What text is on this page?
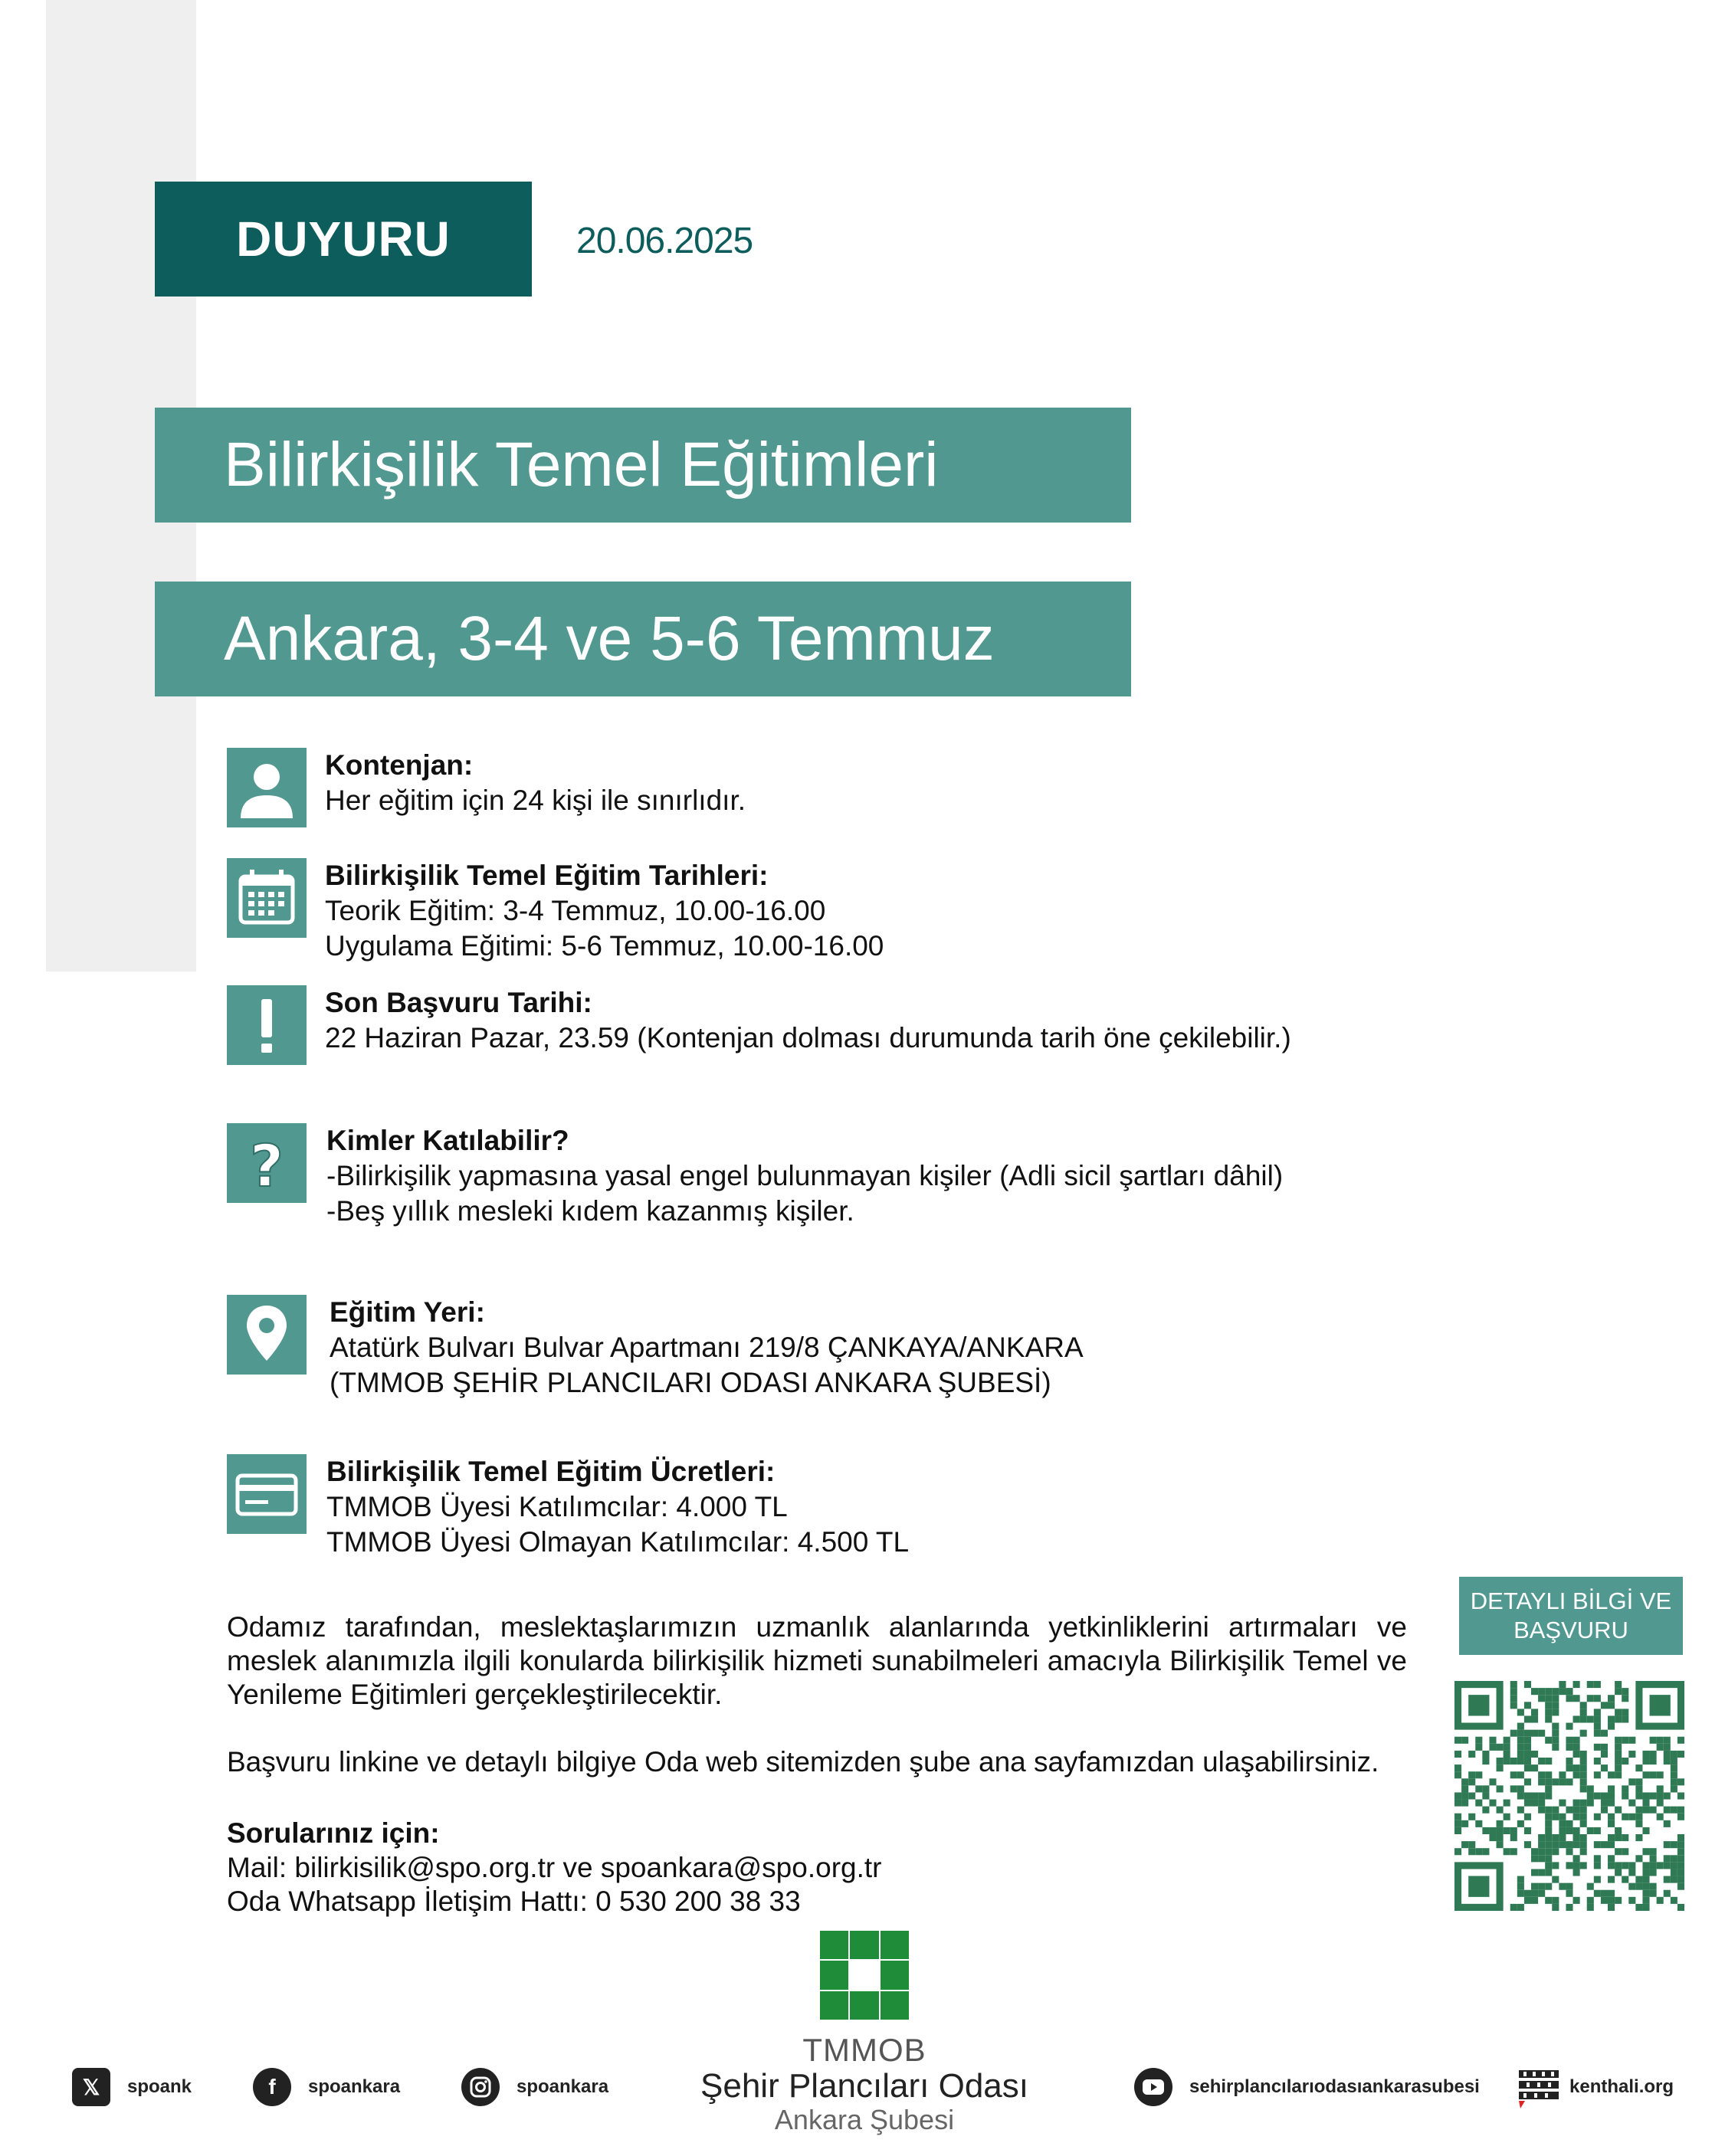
DUYURU	20.06.2025
Bilirkişilik Temel Eğitimleri
Ankara, 3-4 ve 5-6 Temmuz
Kontenjan:
Her eğitim için 24 kişi ile sınırlıdır.
Bilirkişilik Temel Eğitim Tarihleri:
Teorik Eğitim: 3-4 Temmuz, 10.00-16.00
Uygulama Eğitimi: 5-6 Temmuz, 10.00-16.00
Son Başvuru Tarihi:
22 Haziran Pazar, 23.59 (Kontenjan dolması durumunda tarih öne çekilebilir.)
? Kimler Katılabilir?
-Bilirkişilik yapmasına yasal engel bulunmayan kişiler (Adli sicil şartları dâhil)
-Beş yıllık mesleki kıdem kazanmış kişiler.
Eğitim Yeri:
Atatürk Bulvarı Bulvar Apartmanı 219/8 ÇANKAYA/ANKARA
(TMMOB ŞEHİR PLANCILARI ODASI ANKARA ŞUBESİ)
Bilirkişilik Temel Eğitim Ücretleri:
TMMOB Üyesi Katılımcılar: 4.000 TL
TMMOB Üyesi Olmayan Katılımcılar: 4.500 TL
Odamız tarafından, meslektaşlarımızın uzmanlık alanlarında yetkinliklerini artırmaları ve meslek alanımızla ilgili konularda bilirkişilik hizmeti sunabilmeleri amacıyla Bilirkişilik Temel ve Yenileme Eğitimleri gerçekleştirilecektir.
Başvuru linkine ve detaylı bilgiye Oda web sitemizden şube ana sayfamızdan ulaşabilirsiniz.
Sorularınız için:
Mail: bilirkisilik@spo.org.tr ve spoankara@spo.org.tr
Oda Whatsapp İletişim Hattı: 0 530 200 38 33
DETAYLI BİLGİ VE
BAŞVURU
TMMOB
Şehir Plancıları Odası
Ankara Şubesi
𝕏	spoank	f	spoankara	spoankara	sehirplancılarıodasıankarasubesi	kenthali.org
